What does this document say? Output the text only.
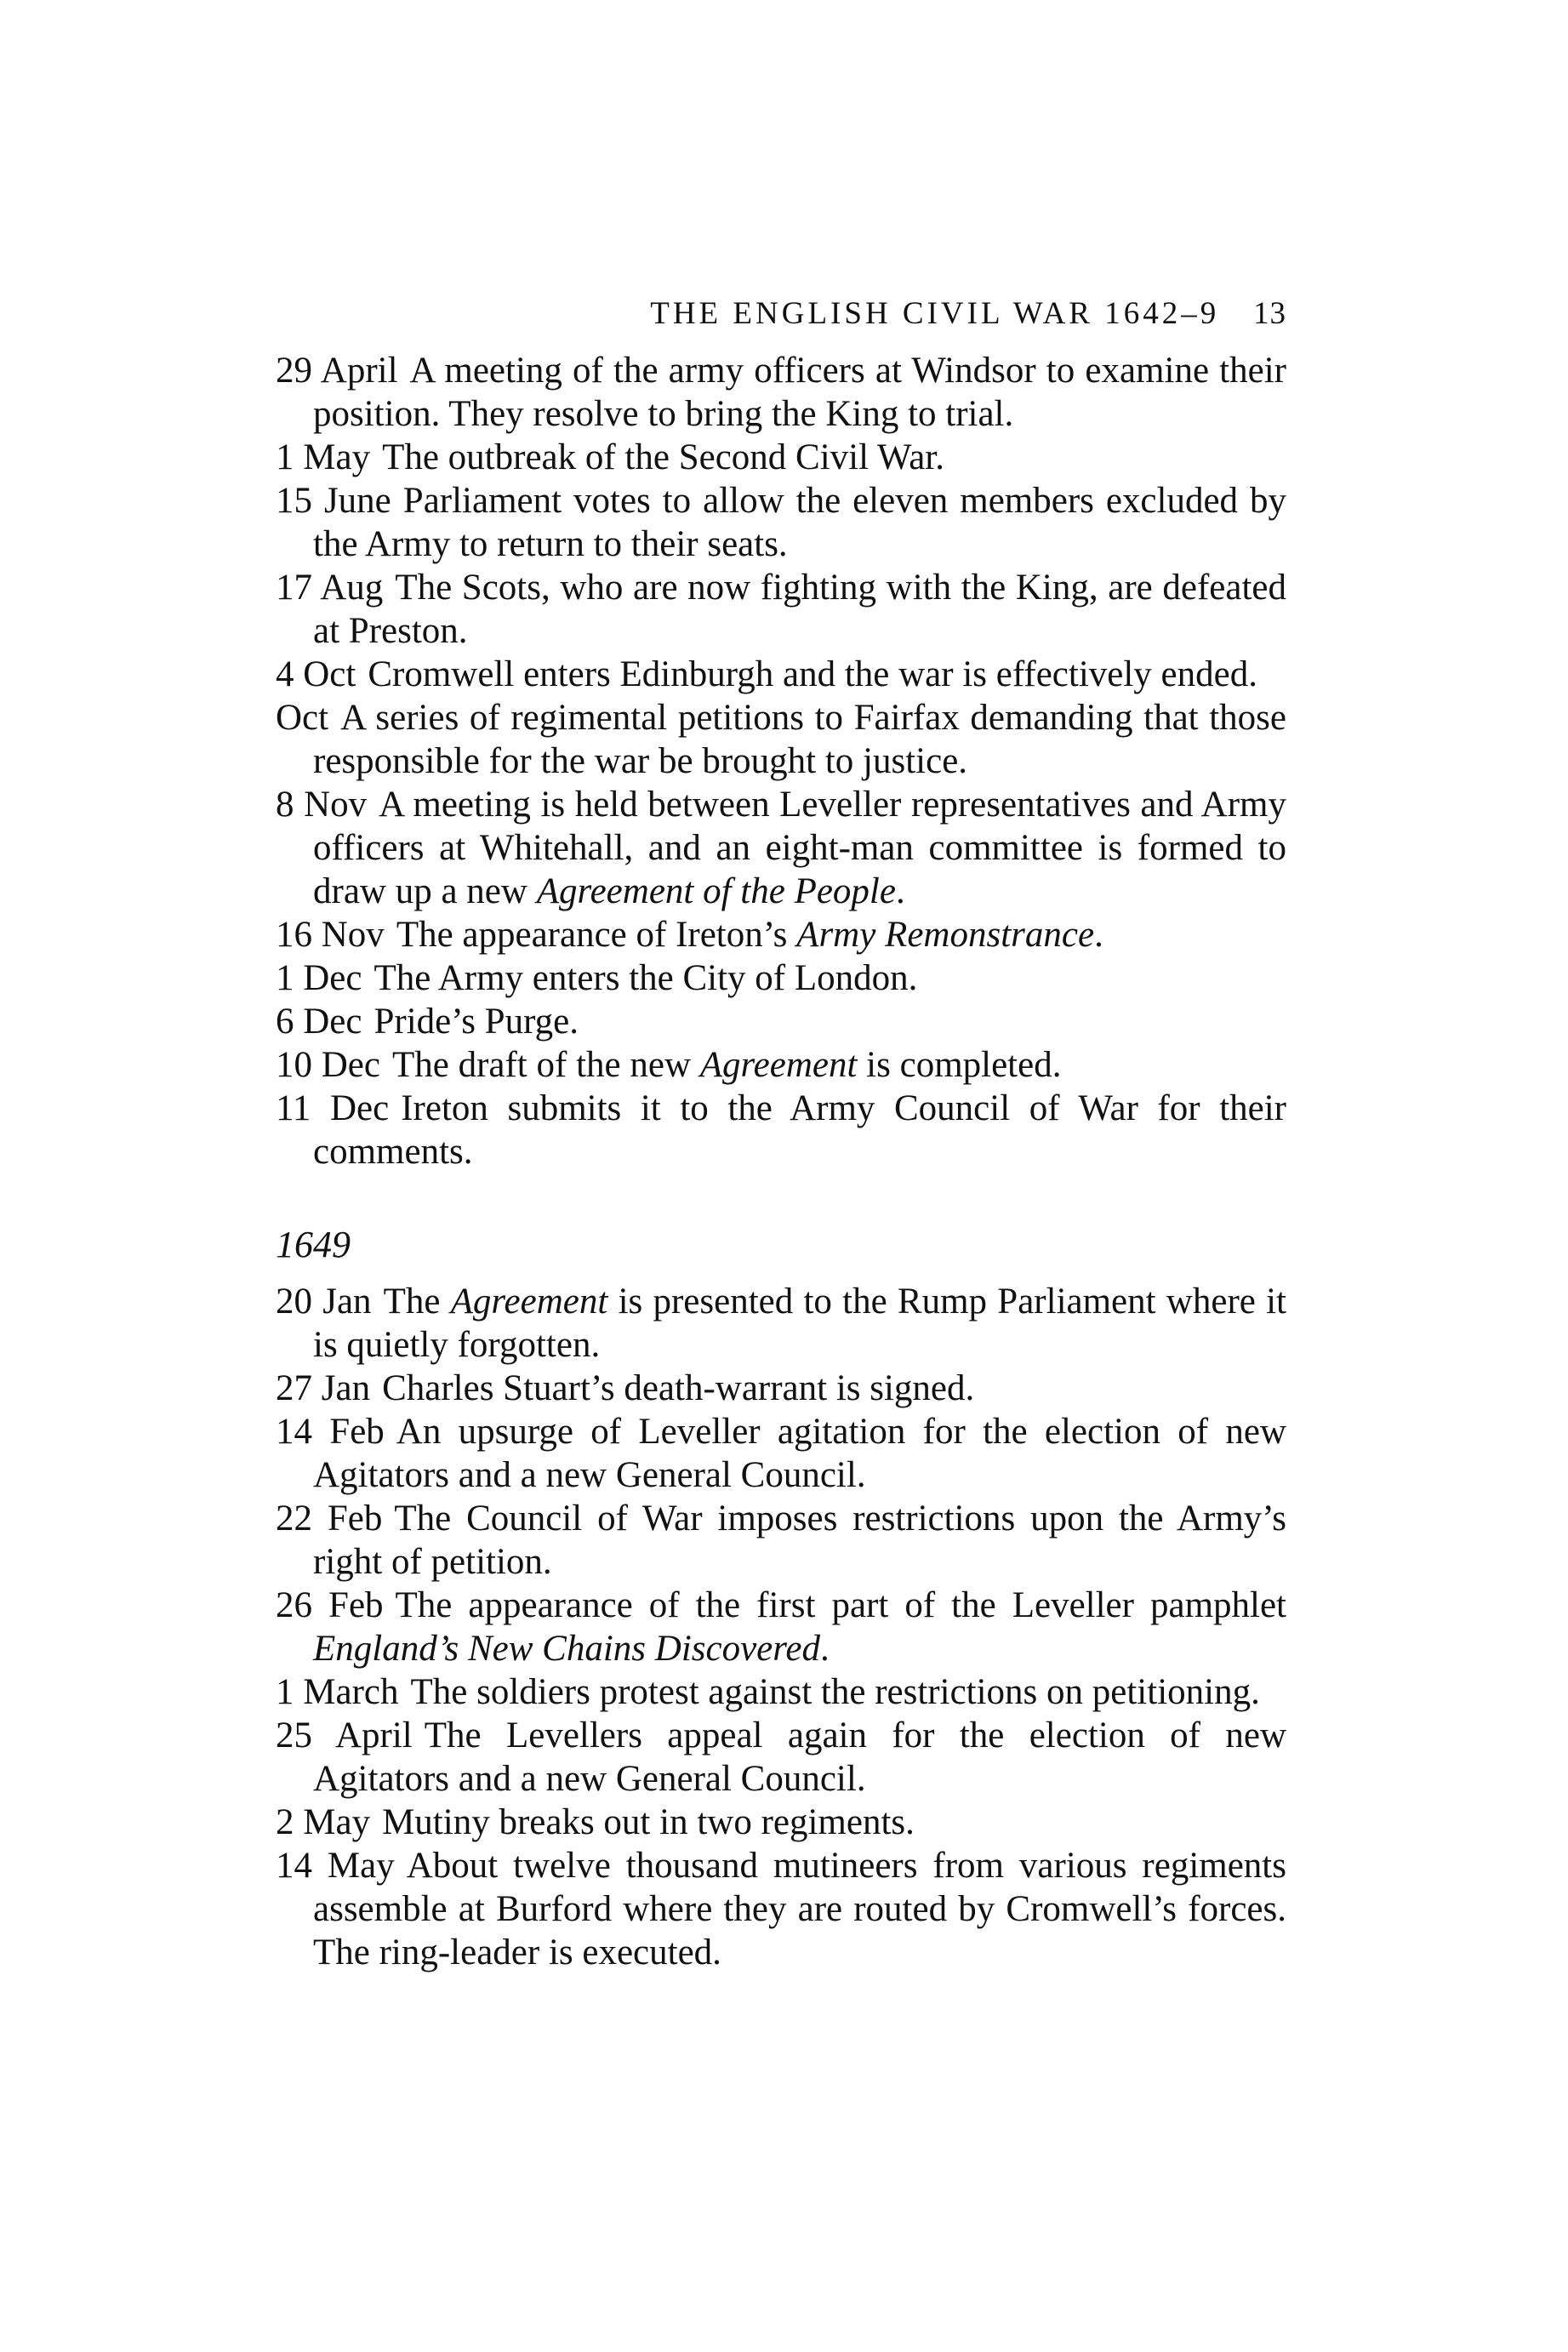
THE ENGLISH CIVIL WAR 1642–9 13

29 April A meeting of the army officers at Windsor to examine their position. They resolve to bring the King to trial.

1 May The outbreak of the Second Civil War.

15 June Parliament votes to allow the eleven members excluded by the Army to return to their seats.

17 Aug The Scots, who are now fighting with the King, are defeated at Preston.

4 Oct Cromwell enters Edinburgh and the war is effectively ended.

Oct A series of regimental petitions to Fairfax demanding that those responsible for the war be brought to justice.

8 Nov A meeting is held between Leveller representatives and Army officers at Whitehall, and an eight-man committee is formed to draw up a new Agreement of the People.

16 Nov The appearance of Ireton’s Army Remonstrance.

1 Dec The Army enters the City of London.

6 Dec Pride’s Purge.

10 Dec The draft of the new Agreement is completed.

11 Dec Ireton submits it to the Army Council of War for their comments.

1649

20 Jan The Agreement is presented to the Rump Parliament where it is quietly forgotten.

27 Jan Charles Stuart’s death-warrant is signed.

14 Feb An upsurge of Leveller agitation for the election of new Agitators and a new General Council.

22 Feb The Council of War imposes restrictions upon the Army’s right of petition.

26 Feb The appearance of the first part of the Leveller pamphlet England’s New Chains Discovered.

1 March The soldiers protest against the restrictions on petitioning.

25 April The Levellers appeal again for the election of new Agitators and a new General Council.

2 May Mutiny breaks out in two regiments.

14 May About twelve thousand mutineers from various regiments assemble at Burford where they are routed by Cromwell’s forces. The ring-leader is executed.
